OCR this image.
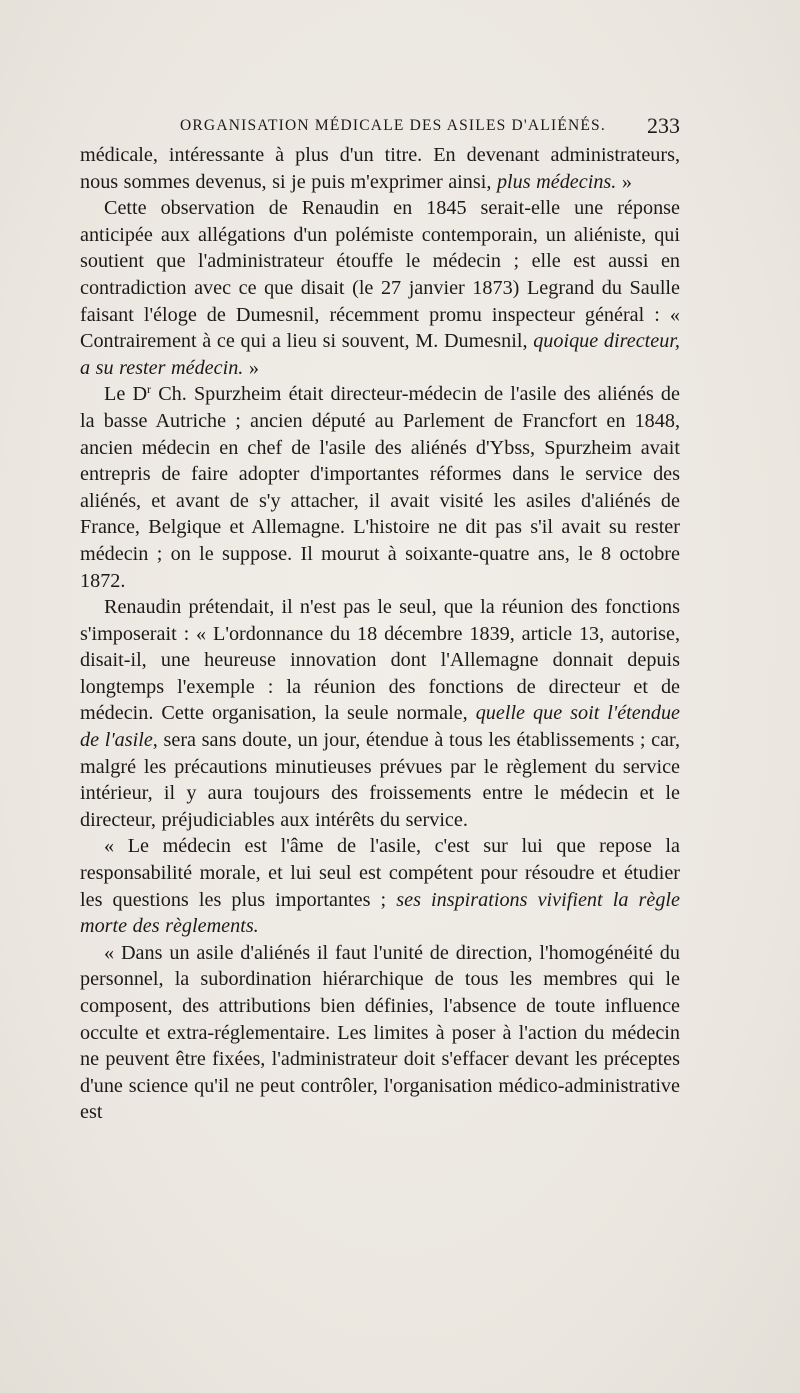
ORGANISATION MÉDICALE DES ASILES D'ALIÉNÉS. 233

médicale, intéressante à plus d'un titre. En devenant administrateurs, nous sommes devenus, si je puis m'exprimer ainsi, plus médecins. »

Cette observation de Renaudin en 1845 serait-elle une réponse anticipée aux allégations d'un polémiste contemporain, un aliéniste, qui soutient que l'administrateur étouffe le médecin ; elle est aussi en contradiction avec ce que disait (le 27 janvier 1873) Legrand du Saulle faisant l'éloge de Dumesnil, récemment promu inspecteur général : « Contrairement à ce qui a lieu si souvent, M. Dumesnil, quoique directeur, a su rester médecin. »

Le $D^r$ Ch. Spurzheim était directeur-médecin de l'asile des aliénés de la basse Autriche ; ancien député au Parlement de Francfort en 1848, ancien médecin en chef de l'asile des aliénés d'Ybss, Spurzheim avait entrepris de faire adopter d'importantes réformes dans le service des aliénés, et avant de s'y attacher, il avait visité les asiles d'aliénés de France, Belgique et Allemagne. L'histoire ne dit pas s'il avait su rester médecin ; on le suppose. Il mourut à soixante-quatre ans, le 8 octobre 1872.

Renaudin prétendait, il n'est pas le seul, que la réunion des fonctions s'imposerait : « L'ordonnance du 18 décembre 1839, article 13, autorise, disait-il, une heureuse innovation dont l'Allemagne donnait depuis longtemps l'exemple : la réunion des fonctions de directeur et de médecin. Cette organisation, la seule normale, quelle que soit l'étendue de l'asile, sera sans doute, un jour, étendue à tous les établissements ; car, malgré les précautions minutieuses prévues par le règlement du service intérieur, il y aura toujours des froissements entre le médecin et le directeur, préjudiciables aux intérêts du service.

« Le médecin est l'âme de l'asile, c'est sur lui que repose la responsabilité morale, et lui seul est compétent pour résoudre et étudier les questions les plus importantes ; ses inspirations vivifient la règle morte des règlements.

« Dans un asile d'aliénés il faut l'unité de direction, l'homogénéité du personnel, la subordination hiérarchique de tous les membres qui le composent, des attributions bien définies, l'absence de toute influence occulte et extra-réglementaire. Les limites à poser à l'action du médecin ne peuvent être fixées, l'administrateur doit s'effacer devant les préceptes d'une science qu'il ne peut contrôler, l'organisation médico-administrative est
